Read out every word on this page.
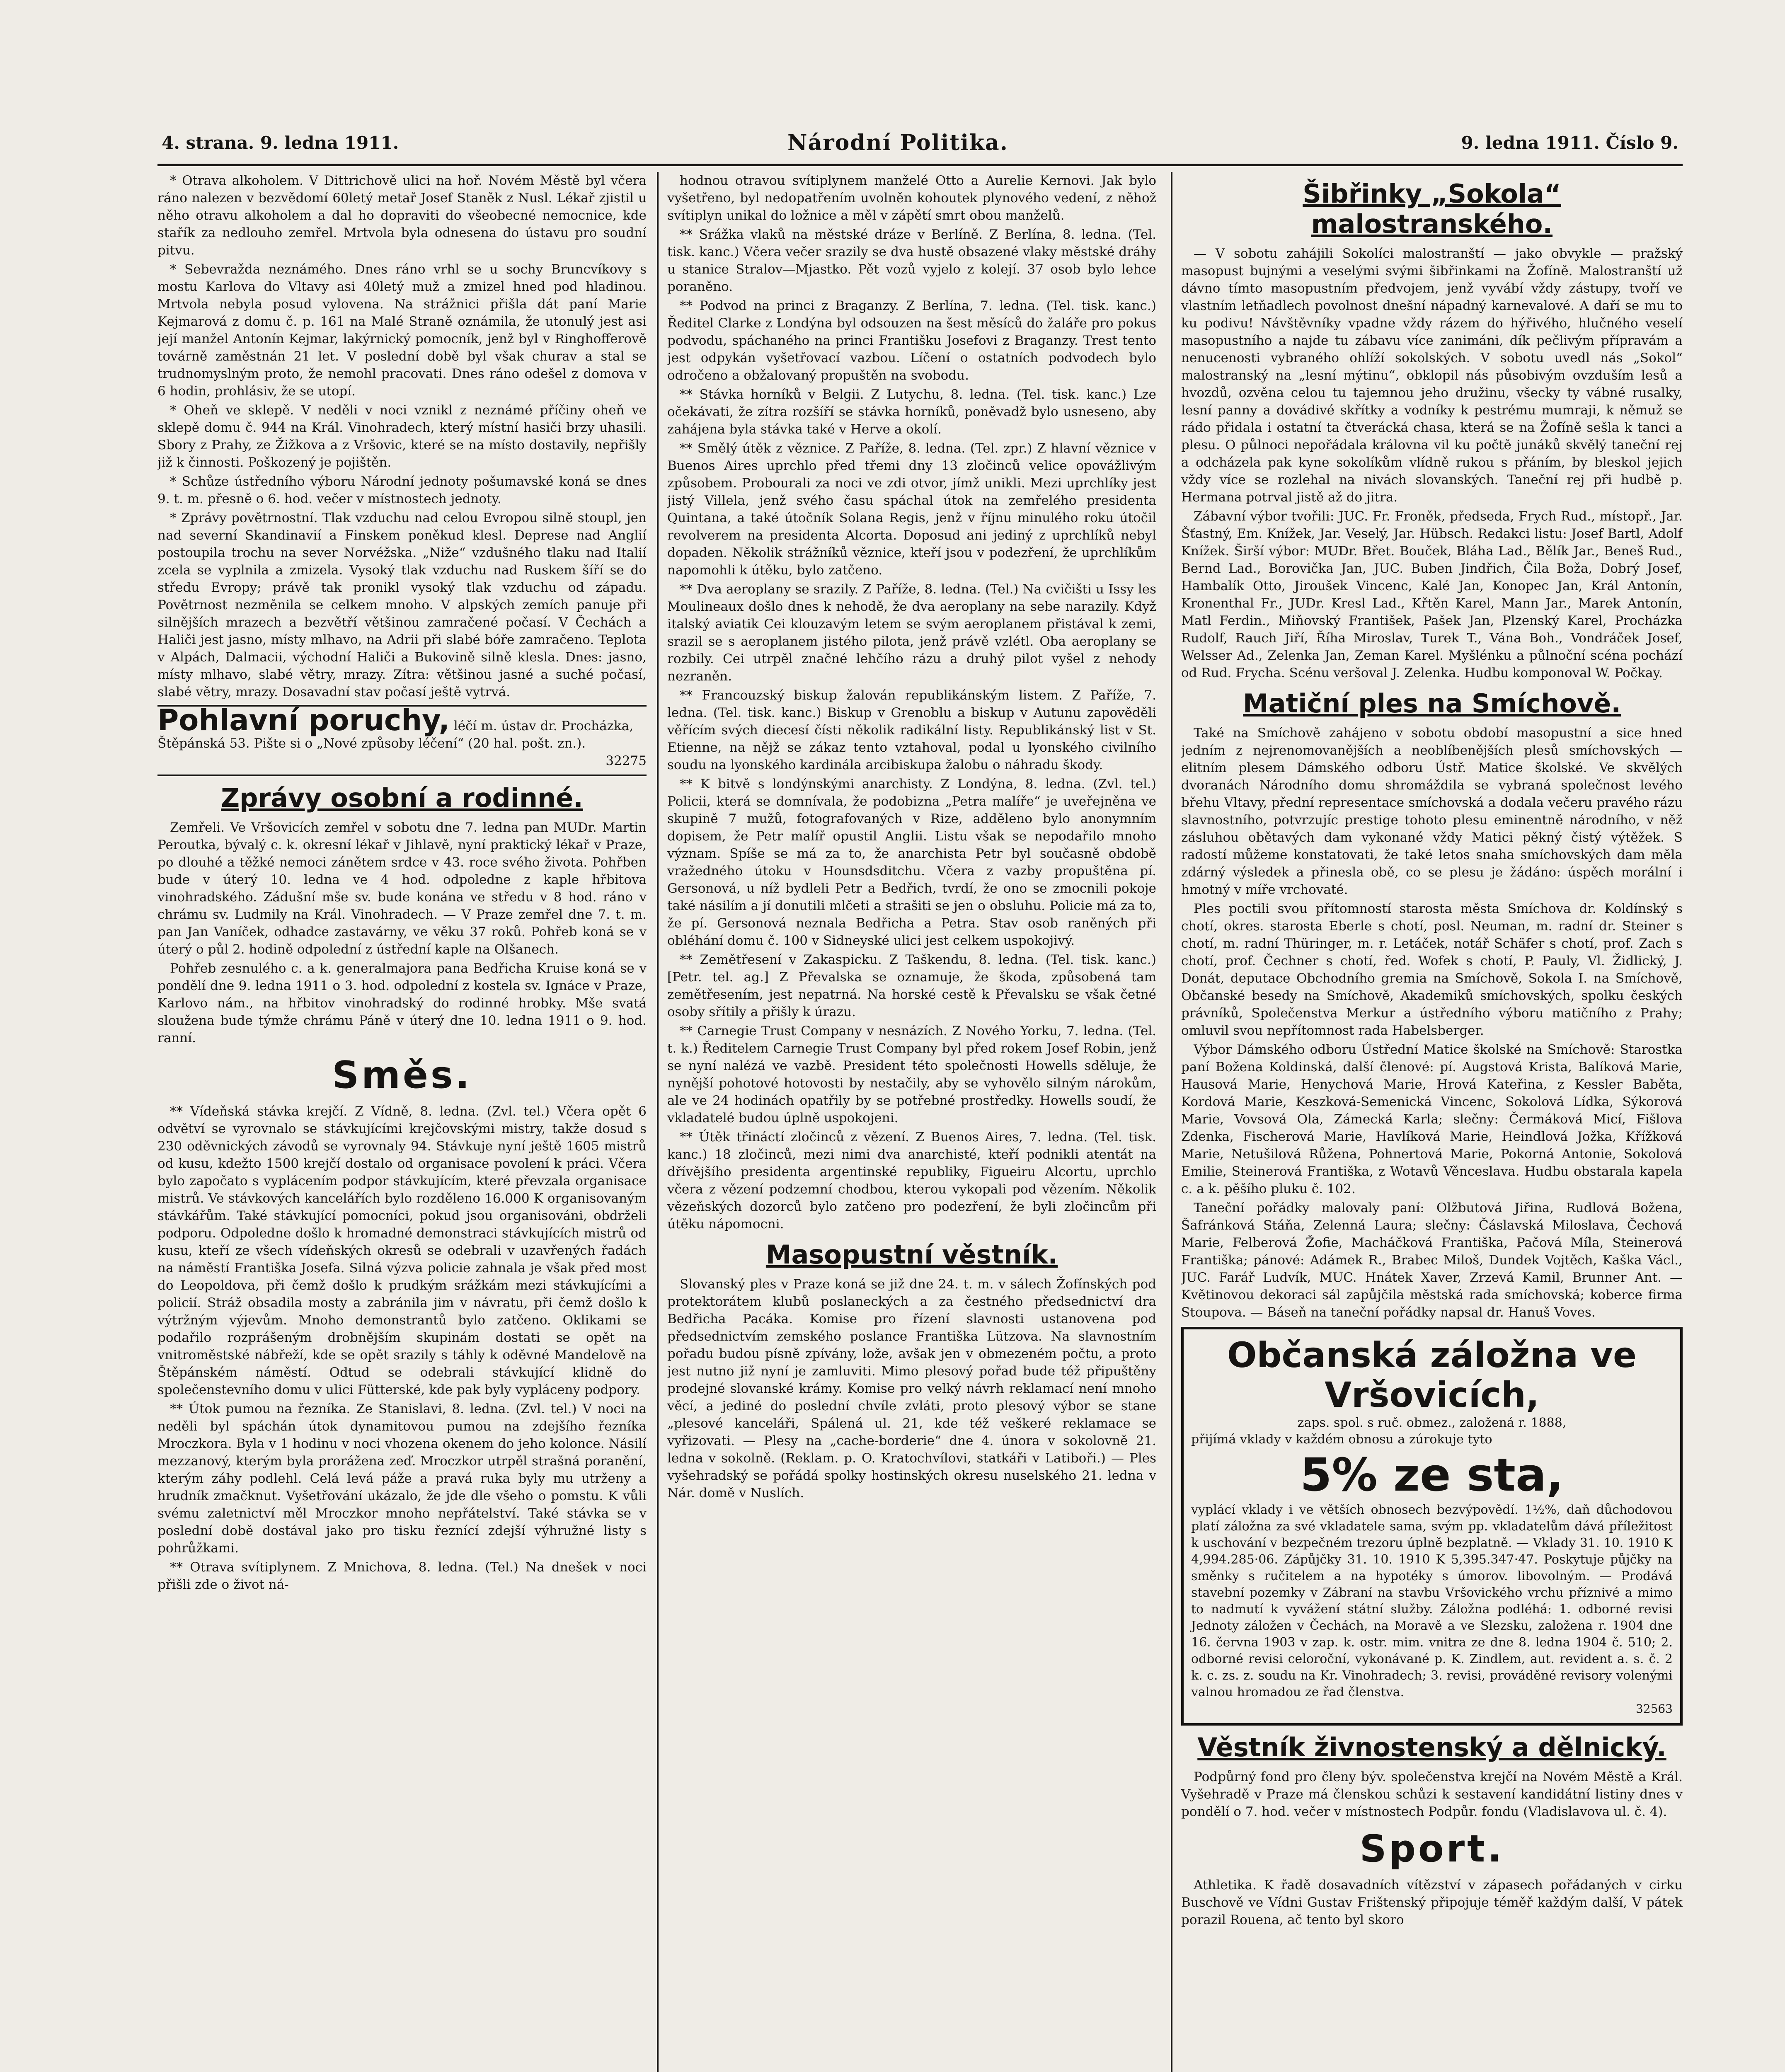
4. strana. 9. ledna 1911.	Národní Politika.	9. ledna 1911. Číslo 9.

* Otrava alkoholem. V Dittrichově ulici na hoř. Novém Městě byl včera ráno nalezen v bezvědomí 60letý metař Josef Staněk z Nusl. Lékař zjistil u něho otravu alkoholem a dal ho dopraviti do všeobecné nemocnice, kde stařík za nedlouho zemřel. Mrtvola byla odnesena do ústavu pro soudní pitvu.

* Sebevražda neznámého. Dnes ráno vrhl se u sochy Bruncvíkovy s mostu Karlova do Vltavy asi 40letý muž a zmizel hned pod hladinou. Mrtvola nebyla posud vylovena. Na strážnici přišla dát paní Marie Kejmarová z domu č. p. 161 na Malé Straně oznámila, že utonulý jest asi její manžel Antonín Kejmar, lakýrnický pomocník, jenž byl v Ringhofferově továrně zaměstnán 21 let. V poslední době byl však churav a stal se trudnomyslným proto, že nemohl pracovati. Dnes ráno odešel z domova v 6 hodin, prohlásiv, že se utopí.

* Oheň ve sklepě. V neděli v noci vznikl z neznámé příčiny oheň ve sklepě domu č. 944 na Král. Vinohradech, který místní hasiči brzy uhasili. Sbory z Prahy, ze Žižkova a z Vršovic, které se na místo dostavily, nepřišly již k činnosti. Poškozený je pojištěn.

* Schůze ústředního výboru Národní jednoty pošumavské koná se dnes 9. t. m. přesně o 6. hod. večer v místnostech jednoty.

* Zprávy povětrnostní. Tlak vzduchu nad celou Evropou silně stoupl, jen nad severní Skandinavií a Finskem poněkud klesl. Deprese nad Anglií postoupila trochu na sever Norvéžska. „Niže“ vzdušného tlaku nad Italií zcela se vyplnila a zmizela. Vysoký tlak vzduchu nad Ruskem šíří se do středu Evropy; právě tak pronikl vysoký tlak vzduchu od západu. Povětrnost nezměnila se celkem mnoho. V alpských zemích panuje při silnějších mrazech a bezvětří většinou zamračené počasí. V Čechách a Haliči jest jasno, místy mlhavo, na Adrii při slabé bóře zamračeno. Teplota v Alpách, Dalmacii, východní Haliči a Bukovině silně klesla. Dnes: jasno, místy mlhavo, slabé větry, mrazy. Zítra: většinou jasné a suché počasí, slabé větry, mrazy. Dosavadní stav počasí ještě vytrvá.

Pohlavní poruchy, léčí m. ústav dr. Procházka, Štěpánská 53. Pište si o „Nové způsoby léčení“ (20 hal. pošt. zn.).
32275
Zprávy osobní a rodinné.

Zemřeli. Ve Vršovicích zemřel v sobotu dne 7. ledna pan MUDr. Martin Peroutka, bývalý c. k. okresní lékař v Jihlavě, nyní praktický lékař v Praze, po dlouhé a těžké nemoci zánětem srdce v 43. roce svého života. Pohřben bude v úterý 10. ledna ve 4 hod. odpoledne z kaple hřbitova vinohradského. Zádušní mše sv. bude konána ve středu v 8 hod. ráno v chrámu sv. Ludmily na Král. Vinohradech. — V Praze zemřel dne 7. t. m. pan Jan Vaníček, odhadce zastavárny, ve věku 37 roků. Pohřeb koná se v úterý o půl 2. hodině odpolední z ústřední kaple na Olšanech.

Pohřeb zesnulého c. a k. generalmajora pana Bedřicha Kruise koná se v pondělí dne 9. ledna 1911 o 3. hod. odpolední z kostela sv. Ignáce v Praze, Karlovo nám., na hřbitov vinohradský do rodinné hrobky. Mše svatá sloužena bude týmže chrámu Páně v úterý dne 10. ledna 1911 o 9. hod. ranní.

Směs.

** Vídeňská stávka krejčí. Z Vídně, 8. ledna. (Zvl. tel.) Včera opět 6 odvětví se vyrovnalo se stávkujícími krejčovskými mistry, takže dosud s 230 oděvnických závodů se vyrovnaly 94. Stávkuje nyní ještě 1605 mistrů od kusu, kdežto 1500 krejčí dostalo od organisace povolení k práci. Včera bylo započato s vyplácením podpor stávkujícím, které převzala organisace mistrů. Ve stávkových kancelářích bylo rozděleno 16.000 K organisovaným stávkářům. Také stávkující pomocníci, pokud jsou organisováni, obdrželi podporu. Odpoledne došlo k hromadné demonstraci stávkujících mistrů od kusu, kteří ze všech vídeňských okresů se odebrali v uzavřených řadách na náměstí Františka Josefa. Silná výzva policie zahnala je však před most do Leopoldova, při čemž došlo k prudkým srážkám mezi stávkujícími a policií. Stráž obsadila mosty a zabránila jim v návratu, při čemž došlo k výtržným výjevům. Mnoho demonstrantů bylo zatčeno. Oklikami se podařilo rozprášeným drobnějším skupinám dostati se opět na vnitroměstské nábřeží, kde se opět srazily s táhly k oděvné Mandelově na Štěpánském náměstí. Odtud se odebrali stávkující klidně do společenstevního domu v ulici Fütterské, kde pak byly vypláceny podpory.

** Útok pumou na řezníka. Ze Stanislavi, 8. ledna. (Zvl. tel.) V noci na neděli byl spáchán útok dynamitovou pumou na zdejšího řezníka Mroczkora. Byla v 1 hodinu v noci vhozena okenem do jeho kolonce. Násilí mezzanový, kterým byla prorážena zeď. Mroczkor utrpěl strašná poranění, kterým záhy podlehl. Celá levá páže a pravá ruka byly mu utrženy a hrudník zmačknut. Vyšetřování ukázalo, že jde dle všeho o pomstu. K vůli svému zaletnictví měl Mroczkor mnoho nepřátelství. Také stávka se v poslední době dostával jako pro tisku řeznící zdejší výhružné listy s pohrůžkami.

** Otrava svítiplynem. Z Mnichova, 8. ledna. (Tel.) Na dnešek v noci přišli zde o život ná-

hodnou otravou svítiplynem manželé Otto a Aurelie Kernovi. Jak bylo vyšetřeno, byl nedopatřením uvolněn kohoutek plynového vedení, z něhož svítiplyn unikal do ložnice a měl v zápětí smrt obou manželů.

** Srážka vlaků na městské dráze v Berlíně. Z Berlína, 8. ledna. (Tel. tisk. kanc.) Včera večer srazily se dva hustě obsazené vlaky městské dráhy u stanice Stralov—Mjastko. Pět vozů vyjelo z kolejí. 37 osob bylo lehce poraněno.

** Podvod na princi z Braganzy. Z Berlína, 7. ledna. (Tel. tisk. kanc.) Ředitel Clarke z Londýna byl odsouzen na šest měsíců do žaláře pro pokus podvodu, spáchaného na princi Františku Josefovi z Braganzy. Trest tento jest odpykán vyšetřovací vazbou. Líčení o ostatních podvodech bylo odročeno a obžalovaný propuštěn na svobodu.

** Stávka horníků v Belgii. Z Lutychu, 8. ledna. (Tel. tisk. kanc.) Lze očekávati, že zítra rozšíří se stávka horníků, poněvadž bylo usneseno, aby zahájena byla stávka také v Herve a okolí.

** Smělý útěk z věznice. Z Paříže, 8. ledna. (Tel. zpr.) Z hlavní věznice v Buenos Aires uprchlo před třemi dny 13 zločinců velice opovážlivým způsobem. Probourali za noci ve zdi otvor, jímž unikli. Mezi uprchlíky jest jistý Villela, jenž svého času spáchal útok na zemřelého presidenta Quintana, a také útočník Solana Regis, jenž v říjnu minulého roku útočil revolverem na presidenta Alcorta. Doposud ani jediný z uprchlíků nebyl dopaden. Několik strážníků věznice, kteří jsou v podezření, že uprchlíkům napomohli k útěku, bylo zatčeno.

** Dva aeroplany se srazily. Z Paříže, 8. ledna. (Tel.) Na cvičišti u Issy les Moulineaux došlo dnes k nehodě, že dva aeroplany na sebe narazily. Když italský aviatik Cei klouzavým letem se svým aeroplanem přistával k zemi, srazil se s aeroplanem jistého pilota, jenž právě vzlétl. Oba aeroplany se rozbily. Cei utrpěl značné lehčího rázu a druhý pilot vyšel z nehody nezraněn.

** Francouzský biskup žalován republikánským listem. Z Paříže, 7. ledna. (Tel. tisk. kanc.) Biskup v Grenoblu a biskup v Autunu zapověděli věřícím svých diecesí čísti několik radikální listy. Republikánský list v St. Etienne, na nějž se zákaz tento vztahoval, podal u lyonského civilního soudu na lyonského kardinála arcibiskupa žalobu o náhradu škody.

** K bitvě s londýnskými anarchisty. Z Londýna, 8. ledna. (Zvl. tel.) Policii, která se domnívala, že podobizna „Petra malíře“ je uveřejněna ve skupině 7 mužů, fotografovaných v Rize, adděleno bylo anonymním dopisem, že Petr malíř opustil Anglii. Listu však se nepodařilo mnoho význam. Spíše se má za to, že anarchista Petr byl současně obdobě vražedného útoku v Hounsdsditchu. Včera z vazby propuštěna pí. Gersonová, u níž bydleli Petr a Bedřich, tvrdí, že ono se zmocnili pokoje také násilím a jí donutili mlčeti a strašiti se jen o obsluhu. Policie má za to, že pí. Gersonová neznala Bedřicha a Petra. Stav osob raněných při obléhání domu č. 100 v Sidneyské ulici jest celkem uspokojivý.

** Zemětřesení v Zakaspicku. Z Taškendu, 8. ledna. (Tel. tisk. kanc.) [Petr. tel. ag.] Z Převalska se oznamuje, že škoda, způsobená tam zemětřesením, jest nepatrná. Na horské cestě k Převalsku se však četné osoby sřítily a přišly k úrazu.

** Carnegie Trust Company v nesnázích. Z Nového Yorku, 7. ledna. (Tel. t. k.) Ředitelem Carnegie Trust Company byl před rokem Josef Robin, jenž se nyní nalézá ve vazbě. President této společnosti Howells sděluje, že nynější pohotové hotovosti by nestačily, aby se vyhovělo silným nárokům, ale ve 24 hodinách opatřily by se potřebné prostředky. Howells soudí, že vkladatelé budou úplně uspokojeni.

** Útěk třináctí zločinců z vězení. Z Buenos Aires, 7. ledna. (Tel. tisk. kanc.) 18 zločinců, mezi nimi dva anarchisté, kteří podnikli atentát na dřívějšího presidenta argentinské republiky, Figueiru Alcortu, uprchlo včera z vězení podzemní chodbou, kterou vykopali pod vězením. Několik vězeňských dozorců bylo zatčeno pro podezření, že byli zločincům při útěku nápomocni.

Masopustní věstník.

Slovanský ples v Praze koná se již dne 24. t. m. v sálech Žofínských pod protektorátem klubů poslaneckých a za čestného předsednictví dra Bedřicha Pacáka. Komise pro řízení slavnosti ustanovena pod předsednictvím zemského poslance Františka Lützova. Na slavnostním pořadu budou písně zpívány, lože, avšak jen v obmezeném počtu, a proto jest nutno již nyní je zamluviti. Mimo plesový pořad bude též připuštěny prodejné slovanské krámy. Komise pro velký návrh reklamací není mnoho věcí, a jediné do poslední chvíle zvláti, proto plesový výbor se stane „plesové kanceláři, Spálená ul. 21, kde též veškeré reklamace se vyřizovati. — Plesy na „cache-borderie“ dne 4. února v sokolovně 21. ledna v sokolně. (Reklam. p. O. Kratochvílovi, statkáři v Latiboři.) — Ples vyšehradský se pořádá spolky hostinských okresu nuselského 21. ledna v Nár. domě v Nuslích.

Šibřinky „Sokola“ malostranského.

— V sobotu zahájili Sokolíci malostranští — jako obvykle — pražský masopust bujnými a veselými svými šibřinkami na Žofíně. Malostranští už dávno tímto masopustním předvojem, jenž vyvábí vždy zástupy, tvoří ve vlastním letňadlech povolnost dnešní nápadný karnevalové. A daří se mu to ku podivu! Návštěvníky vpadne vždy rázem do hýřivého, hlučného veselí masopustního a najde tu zábavu více zanimáni, dík pečlivým přípravám a nenucenosti vybraného ohlíží sokolských. V sobotu uvedl nás „Sokol“ malostranský na „lesní mýtinu“, obklopil nás působivým ovzduším lesů a hvozdů, ozvěna celou tu tajemnou jeho družinu, všecky ty vábné rusalky, lesní panny a dovádivé skřítky a vodníky k pestrému mumraji, k němuž se rádo přidala i ostatní ta čtverácká chasa, která se na Žofíně sešla k tanci a plesu. O půlnoci nepořádala královna vil ku počtě junáků skvělý taneční rej a odcházela pak kyne sokolíkům vlídně rukou s přáním, by bleskol jejich vždy více se rozlehal na nivách slovanských. Taneční rej při hudbě p. Hermana potrval jistě až do jitra.

Zábavní výbor tvořili: JUC. Fr. Froněk, předseda, Frych Rud., místopř., Jar. Šťastný, Em. Knížek, Jar. Veselý, Jar. Hübsch. Redakci listu: Josef Bartl, Adolf Knížek. Širší výbor: MUDr. Břet. Bouček, Bláha Lad., Bělík Jar., Beneš Rud., Bernd Lad., Borovička Jan, JUC. Buben Jindřich, Čila Boža, Dobrý Josef, Hambalík Otto, Jiroušek Vincenc, Kalé Jan, Konopec Jan, Král Antonín, Kronenthal Fr., JUDr. Kresl Lad., Křtěn Karel, Mann Jar., Marek Antonín, Matl Ferdin., Miňovský František, Pašek Jan, Plzenský Karel, Procházka Rudolf, Rauch Jiří, Říha Miroslav, Turek T., Vána Boh., Vondráček Josef, Welsser Ad., Zelenka Jan, Zeman Karel. Myšlénku a půlnoční scéna pochází od Rud. Frycha. Scénu veršoval J. Zelenka. Hudbu komponoval W. Počkay.

Matiční ples na Smíchově.

Také na Smíchově zahájeno v sobotu období masopustní a sice hned jedním z nejrenomovanějších a neoblíbenějších plesů smíchovských — elitním plesem Dámského odboru Ústř. Matice školské. Ve skvělých dvoranách Národního domu shromáždila se vybraná společnost levého břehu Vltavy, přední representace smíchovská a dodala večeru pravého rázu slavnostního, potvrzujíc prestige tohoto plesu eminentně národního, v něž zásluhou obětavých dam vykonané vždy Matici pěkný čistý výtěžek. S radostí můžeme konstatovati, že také letos snaha smíchovských dam měla zdárný výsledek a přinesla obě, co se plesu je žádáno: úspěch morální i hmotný v míře vrchovaté.

Ples poctili svou přítomností starosta města Smíchova dr. Koldínský s chotí, okres. starosta Eberle s chotí, posl. Neuman, m. radní dr. Steiner s chotí, m. radní Thüringer, m. r. Letáček, notář Schäfer s chotí, prof. Zach s chotí, prof. Čechner s chotí, řed. Wofek s chotí, P. Pauly, Vl. Židlický, J. Donát, deputace Obchodního gremia na Smíchově, Sokola I. na Smíchově, Občanské besedy na Smíchově, Akademiků smíchovských, spolku českých právníků, Společenstva Merkur a ústředního výboru matičního z Prahy; omluvil svou nepřítomnost rada Habelsberger.

Výbor Dámského odboru Ústřední Matice školské na Smíchově: Starostka paní Božena Koldinská, další členové: pí. Augstová Krista, Balíková Marie, Hausová Marie, Henychová Marie, Hrová Kateřina, z Kessler Baběta, Kordová Marie, Keszková-Semenická Vincenc, Sokolová Lídka, Sýkorová Marie, Vovsová Ola, Zámecká Karla; slečny: Čermáková Micí, Fišlova Zdenka, Fischerová Marie, Havlíková Marie, Heindlová Jožka, Křížková Marie, Netušilová Růžena, Pohnertová Marie, Pokorná Antonie, Sokolová Emilie, Steinerová Františka, z Wotavů Věnceslava. Hudbu obstarala kapela c. a k. pěšího pluku č. 102.

Taneční pořádky malovaly paní: Olžbutová Jiřina, Rudlová Božena, Šafránková Stáňa, Zelenná Laura; slečny: Čáslavská Miloslava, Čechová Marie, Felberová Žofie, Macháčková Františka, Pačová Míla, Steinerová Františka; pánové: Adámek R., Brabec Miloš, Dundek Vojtěch, Kaška Václ., JUC. Farář Ludvík, MUC. Hnátek Xaver, Zrzevá Kamil, Brunner Ant. — Květinovou dekoraci sál zapůjčila městská rada smíchovská; koberce firma Stoupova. — Báseň na taneční pořádky napsal dr. Hanuš Voves.

Občanská záložna ve Vršovicích,
zaps. spol. s ruč. obmez., založená r. 1888,
přijímá vklady v každém obnosu a zúrokuje tyto
5% ze sta,
vyplácí vklady i ve větších obnosech bezvýpovědí. 1½%, daň důchodovou platí záložna za své vkladatele sama, svým pp. vkladatelům dává příležitost k uschování v bezpečném trezoru úplně bezplatně. — Vklady 31. 10. 1910 K 4,994.285·06. Zápůjčky 31. 10. 1910 K 5,395.347·47. Poskytuje půjčky na směnky s ručitelem a na hypotéky s úmorov. libovolným. — Prodává stavební pozemky v Zábraní na stavbu Vršovického vrchu příznivé a mimo to nadmutí k vyvážení státní služby. Záložna podléhá: 1. odborné revisi Jednoty záložen v Čechách, na Moravě a ve Slezsku, založena r. 1904 dne 16. června 1903 v zap. k. ostr. mim. vnitra ze dne 8. ledna 1904 č. 510; 2. odborné revisi celoroční, vykonávané p. K. Zindlem, aut. revident a. s. č. 2 k. c. zs. z. soudu na Kr. Vinohradech; 3. revisi, prováděné revisory volenými valnou hromadou ze řad členstva.
32563
Věstník živnostenský a dělnický.

Podpůrný fond pro členy býv. společenstva krejčí na Novém Městě a Král. Vyšehradě v Praze má členskou schůzi k sestavení kandidátní listiny dnes v pondělí o 7. hod. večer v místnostech Podpůr. fondu (Vladislavova ul. č. 4).

Sport.

Athletika. K řadě dosavadních vítězství v zápasech pořádaných v cirku Buschově ve Vídni Gustav Frištenský připojuje téměř každým další, V pátek porazil Rouena, ač tento byl skoro
